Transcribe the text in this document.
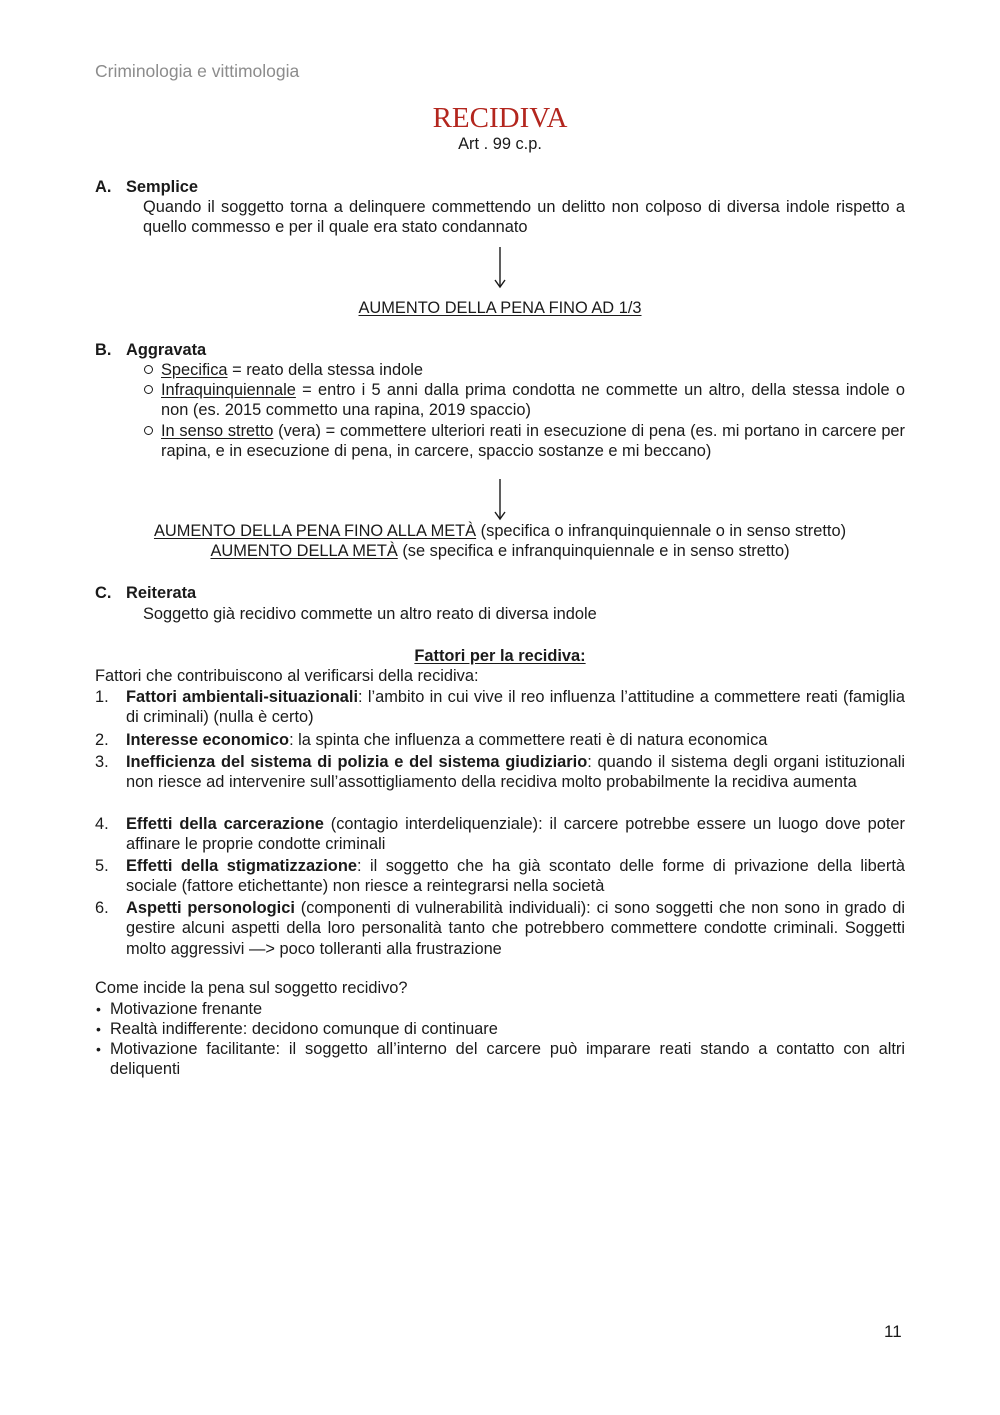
Criminologia e vittimologia
RECIDIVA
Art . 99 c.p.
A. Semplice
Quando il soggetto torna a delinquere commettendo un delitto non colposo di diversa indole rispetto a quello commesso e per il quale era stato condannato
AUMENTO DELLA PENA FINO AD 1/3
B. Aggravata
Specifica = reato della stessa indole
Infraquinquiennale = entro i 5 anni dalla prima condotta ne commette un altro, della stessa indole o non (es. 2015 commetto una rapina, 2019 spaccio)
In senso stretto (vera) = commettere ulteriori reati in esecuzione di pena (es. mi portano in carcere per rapina, e in esecuzione di pena, in carcere, spaccio sostanze e mi beccano)
AUMENTO DELLA PENA FINO ALLA METÀ (specifica o infranquinquiennale o in senso stretto)
AUMENTO DELLA METÀ (se specifica e infranquinquiennale e in senso stretto)
C. Reiterata
Soggetto già recidivo commette un altro reato di diversa indole
Fattori per la recidiva:
Fattori che contribuiscono al verificarsi della recidiva:
1.	Fattori ambientali-situazionali: l’ambito in cui vive il reo influenza l’attitudine a commettere reati (famiglia di criminali) (nulla è certo)
2.	Interesse economico: la spinta che influenza a commettere reati è di natura economica
3.	Inefficienza del sistema di polizia e del sistema giudiziario: quando il sistema degli organi istituzionali non riesce ad intervenire sull’assottigliamento della recidiva molto probabilmente la recidiva aumenta
4.	Effetti della carcerazione (contagio interdeliquenziale): il carcere potrebbe essere un luogo dove poter affinare le proprie condotte criminali
5.	Effetti della stigmatizzazione: il soggetto che ha già scontato delle forme di privazione della libertà sociale (fattore etichettante) non riesce a reintegrarsi nella società
6.	Aspetti personologici (componenti di vulnerabilità individuali): ci sono soggetti che non sono in grado di gestire alcuni aspetti della loro personalità tanto che potrebbero commettere condotte criminali. Soggetti molto aggressivi —> poco tolleranti alla frustrazione
Come incide la pena sul soggetto recidivo?
• Motivazione frenante
• Realtà indifferente: decidono comunque di continuare
• Motivazione facilitante: il soggetto all’interno del carcere può imparare reati stando a contatto con altri deliquenti
11
